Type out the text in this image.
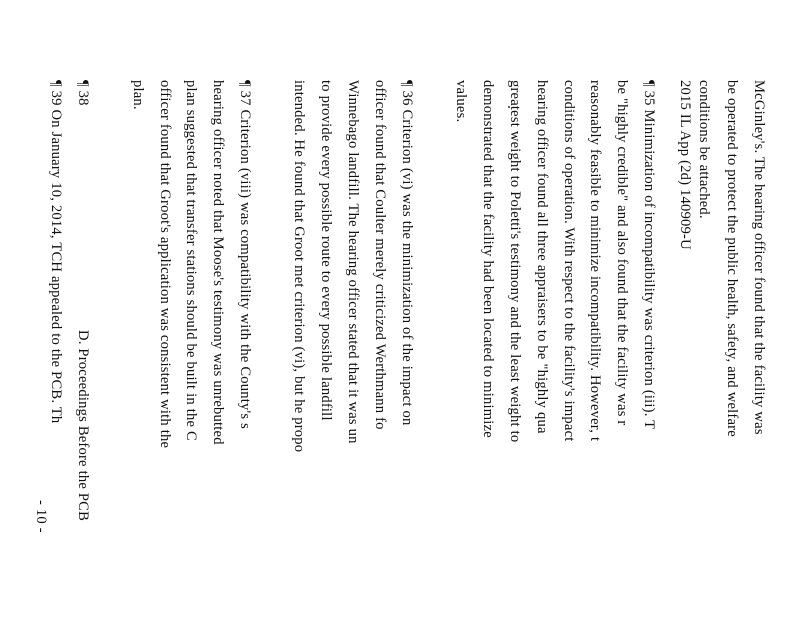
2015 IL App (2d) 140909-U	McGinley's. The hearing officer found that the facility was
be operated to protect the public health, safety, and welfare
conditions be attached.
¶ 35 Minimization of incompatibility was criterion (iii). T
be "highly credible" and also found that the facility was r
reasonably feasible to minimize incompatibility. However, t
conditions of operation. With respect to the facility's impact
hearing officer found all three appraisers to be "highly qua
greatest weight to Poletti's testimony and the least weight to
demonstrated that the facility had been located to minimize
values.
¶ 36 Criterion (vi) was the minimization of the impact on
officer found that Coulter merely criticized Werthmann fo
Winnebago landfill. The hearing officer stated that it was un
to provide every possible route to every possible landfill
intended. He found that Groot met criterion (vi), but he propo
¶ 37 Criterion (viii) was compatibility with the County's s
hearing officer noted that Moose's testimony was unrebutted
plan suggested that transfer stations should be built in the C
officer found that Groot's application was consistent with the
plan.
¶ 38
D. Proceedings Before the PCB
¶ 39 On January 10, 2014, TCH appealed to the PCB. Th
- 10 -
